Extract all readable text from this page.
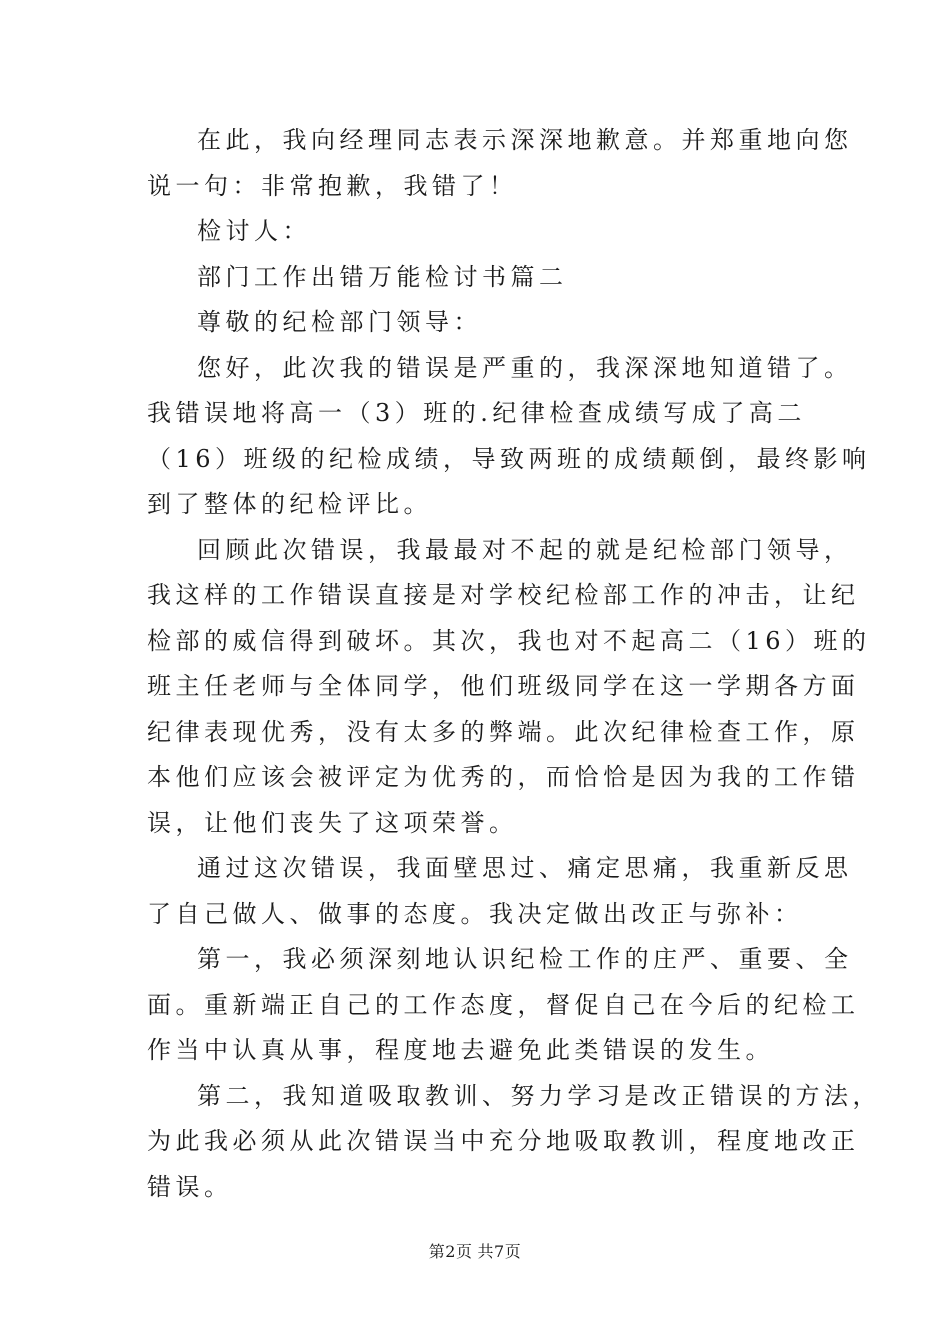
在此，我向经理同志表示深深地歉意。并郑重地向您
说一句：非常抱歉，我错了！
检讨人：
部门工作出错万能检讨书篇二
尊敬的纪检部门领导：
您好，此次我的错误是严重的，我深深地知道错了。
我错误地将高一（3）班的.纪律检查成绩写成了高二
（16）班级的纪检成绩，导致两班的成绩颠倒，最终影响
到了整体的纪检评比。
回顾此次错误，我最最对不起的就是纪检部门领导，
我这样的工作错误直接是对学校纪检部工作的冲击，让纪
检部的威信得到破坏。其次，我也对不起高二（16）班的
班主任老师与全体同学，他们班级同学在这一学期各方面
纪律表现优秀，没有太多的弊端。此次纪律检查工作，原
本他们应该会被评定为优秀的，而恰恰是因为我的工作错
误，让他们丧失了这项荣誉。
通过这次错误，我面壁思过、痛定思痛，我重新反思
了自己做人、做事的态度。我决定做出改正与弥补：
第一，我必须深刻地认识纪检工作的庄严、重要、全
面。重新端正自己的工作态度，督促自己在今后的纪检工
作当中认真从事，程度地去避免此类错误的发生。
第二，我知道吸取教训、努力学习是改正错误的方法，
为此我必须从此次错误当中充分地吸取教训，程度地改正
错误。
第2页 共7页
